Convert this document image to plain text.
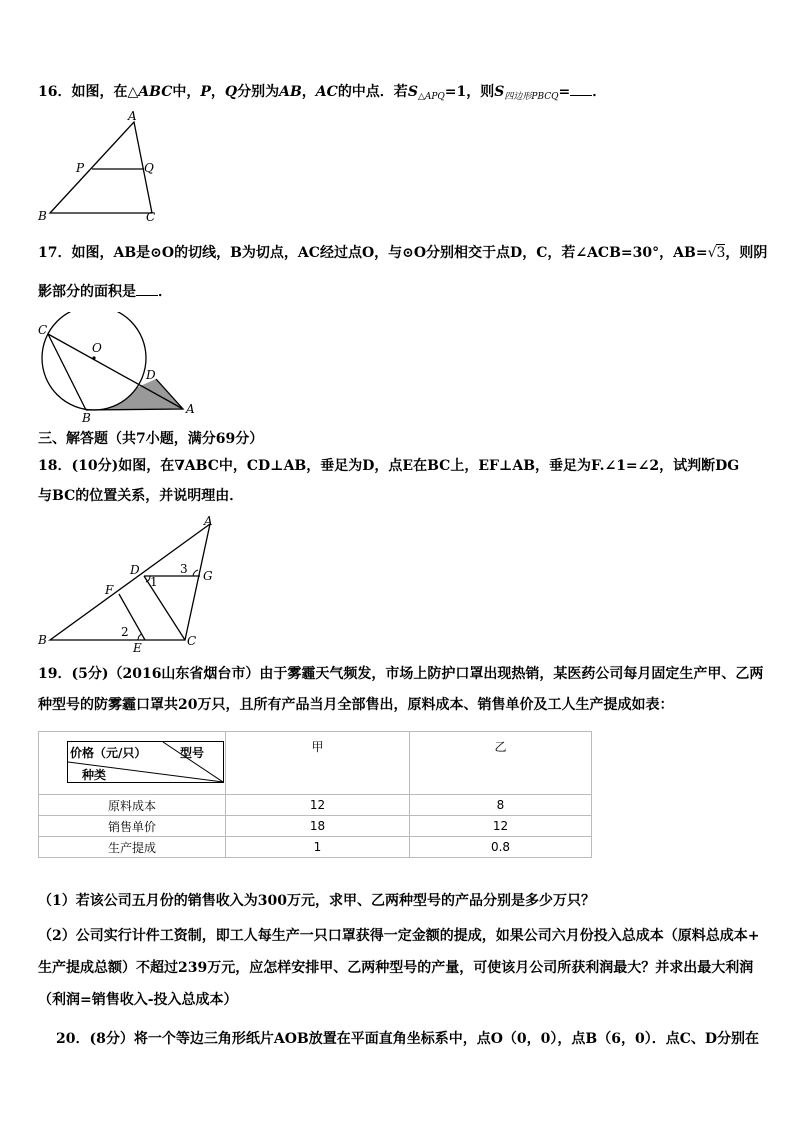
16．如图，在△ABC中，P，Q分别为AB，AC的中点．若$S_{\triangle APQ}=1$，则$S_{四边形PBCQ}=$ ．
A
P	Q
B	C
17．如图，AB是⊙O的切线，B为切点，AC经过点O，与⊙O分别相交于点D，C，若∠ACB=30°，AB=√3，则阴
影部分的面积是 ．
C
O
D
B
A
三、解答题（共7小题，满分69分）
18．(10分)如图，在∇ABC中，CD⊥AB，垂足为D，点E在BC上，EF⊥AB，垂足为F.∠1=∠2，试判断DG
与BC的位置关系，并说明理由．
A
D
1
3 G
F
2
B
E	C
19．(5分)（2016山东省烟台市）由于雾霾天气频发，市场上防护口罩出现热销，某医药公司每月固定生产甲、乙两
种型号的防雾霾口罩共20万只，且所有产品当月全部售出，原料成本、销售单价及工人生产提成如表：
价格（元/只） 型号
种类	甲	乙
原料成本	12	8
销售单价	18	12
生产提成	1	0.8
（1）若该公司五月份的销售收入为300万元，求甲、乙两种型号的产品分别是多少万只？
（2）公司实行计件工资制，即工人每生产一只口罩获得一定金额的提成，如果公司六月份投入总成本（原料总成本+
生产提成总额）不超过239万元，应怎样安排甲、乙两种型号的产量，可使该月公司所获利润最大？并求出最大利润
（利润=销售收入-投入总成本）
20．(8分）将一个等边三角形纸片AOB放置在平面直角坐标系中，点O（0，0），点B（6，0）．点C、D分别在
